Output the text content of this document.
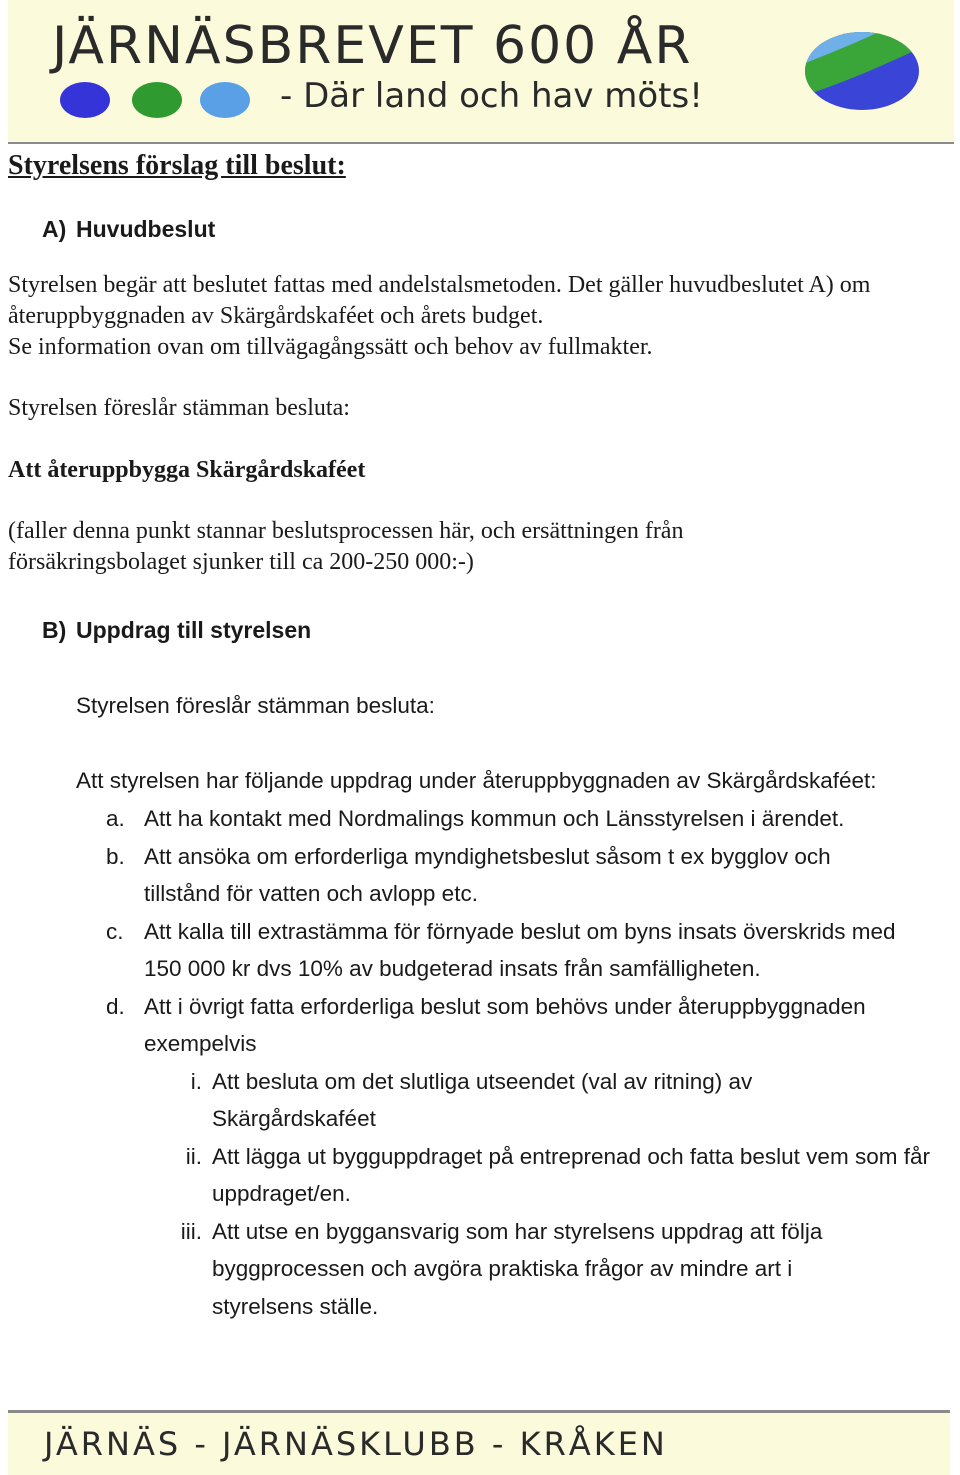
JÄRNÄSBREVET 600 ÅR
- Där land och hav möts!
Styrelsens förslag till beslut:
A) Huvudbeslut

Styrelsen begär att beslutet fattas med andelstalsmetoden. Det gäller huvudbeslutet A) om återuppbyggnaden av Skärgårdskaféet och årets budget.

Se information ovan om tillvägagångssätt och behov av fullmakter.

Styrelsen föreslår stämman besluta:

Att återuppbygga Skärgårdskaféet

(faller denna punkt stannar beslutsprocessen här, och ersättningen från försäkringsbolaget sjunker till ca 200-250 000:-)

B) Uppdrag till styrelsen

Styrelsen föreslår stämman besluta:

Att styrelsen har följande uppdrag under återuppbyggnaden av Skärgårdskaféet:

a. Att ha kontakt med Nordmalings kommun och Länsstyrelsen i ärendet.
b. Att ansöka om erforderliga myndighetsbeslut såsom t ex bygglov och tillstånd för vatten och avlopp etc.
c. Att kalla till extrastämma för förnyade beslut om byns insats överskrids med 150 000 kr dvs 10% av budgeterad insats från samfälligheten.
d. Att i övrigt fatta erforderliga beslut som behövs under återuppbyggnaden exempelvis
i. Att besluta om det slutliga utseendet (val av ritning) av Skärgårdskaféet
ii. Att lägga ut bygguppdraget på entreprenad och fatta beslut vem som får uppdraget/en.
iii. Att utse en byggansvarig som har styrelsens uppdrag att följa byggprocessen och avgöra praktiska frågor av mindre art i styrelsens ställe.
JÄRNÄS - JÄRNÄSKLUBB - KRÅKEN
